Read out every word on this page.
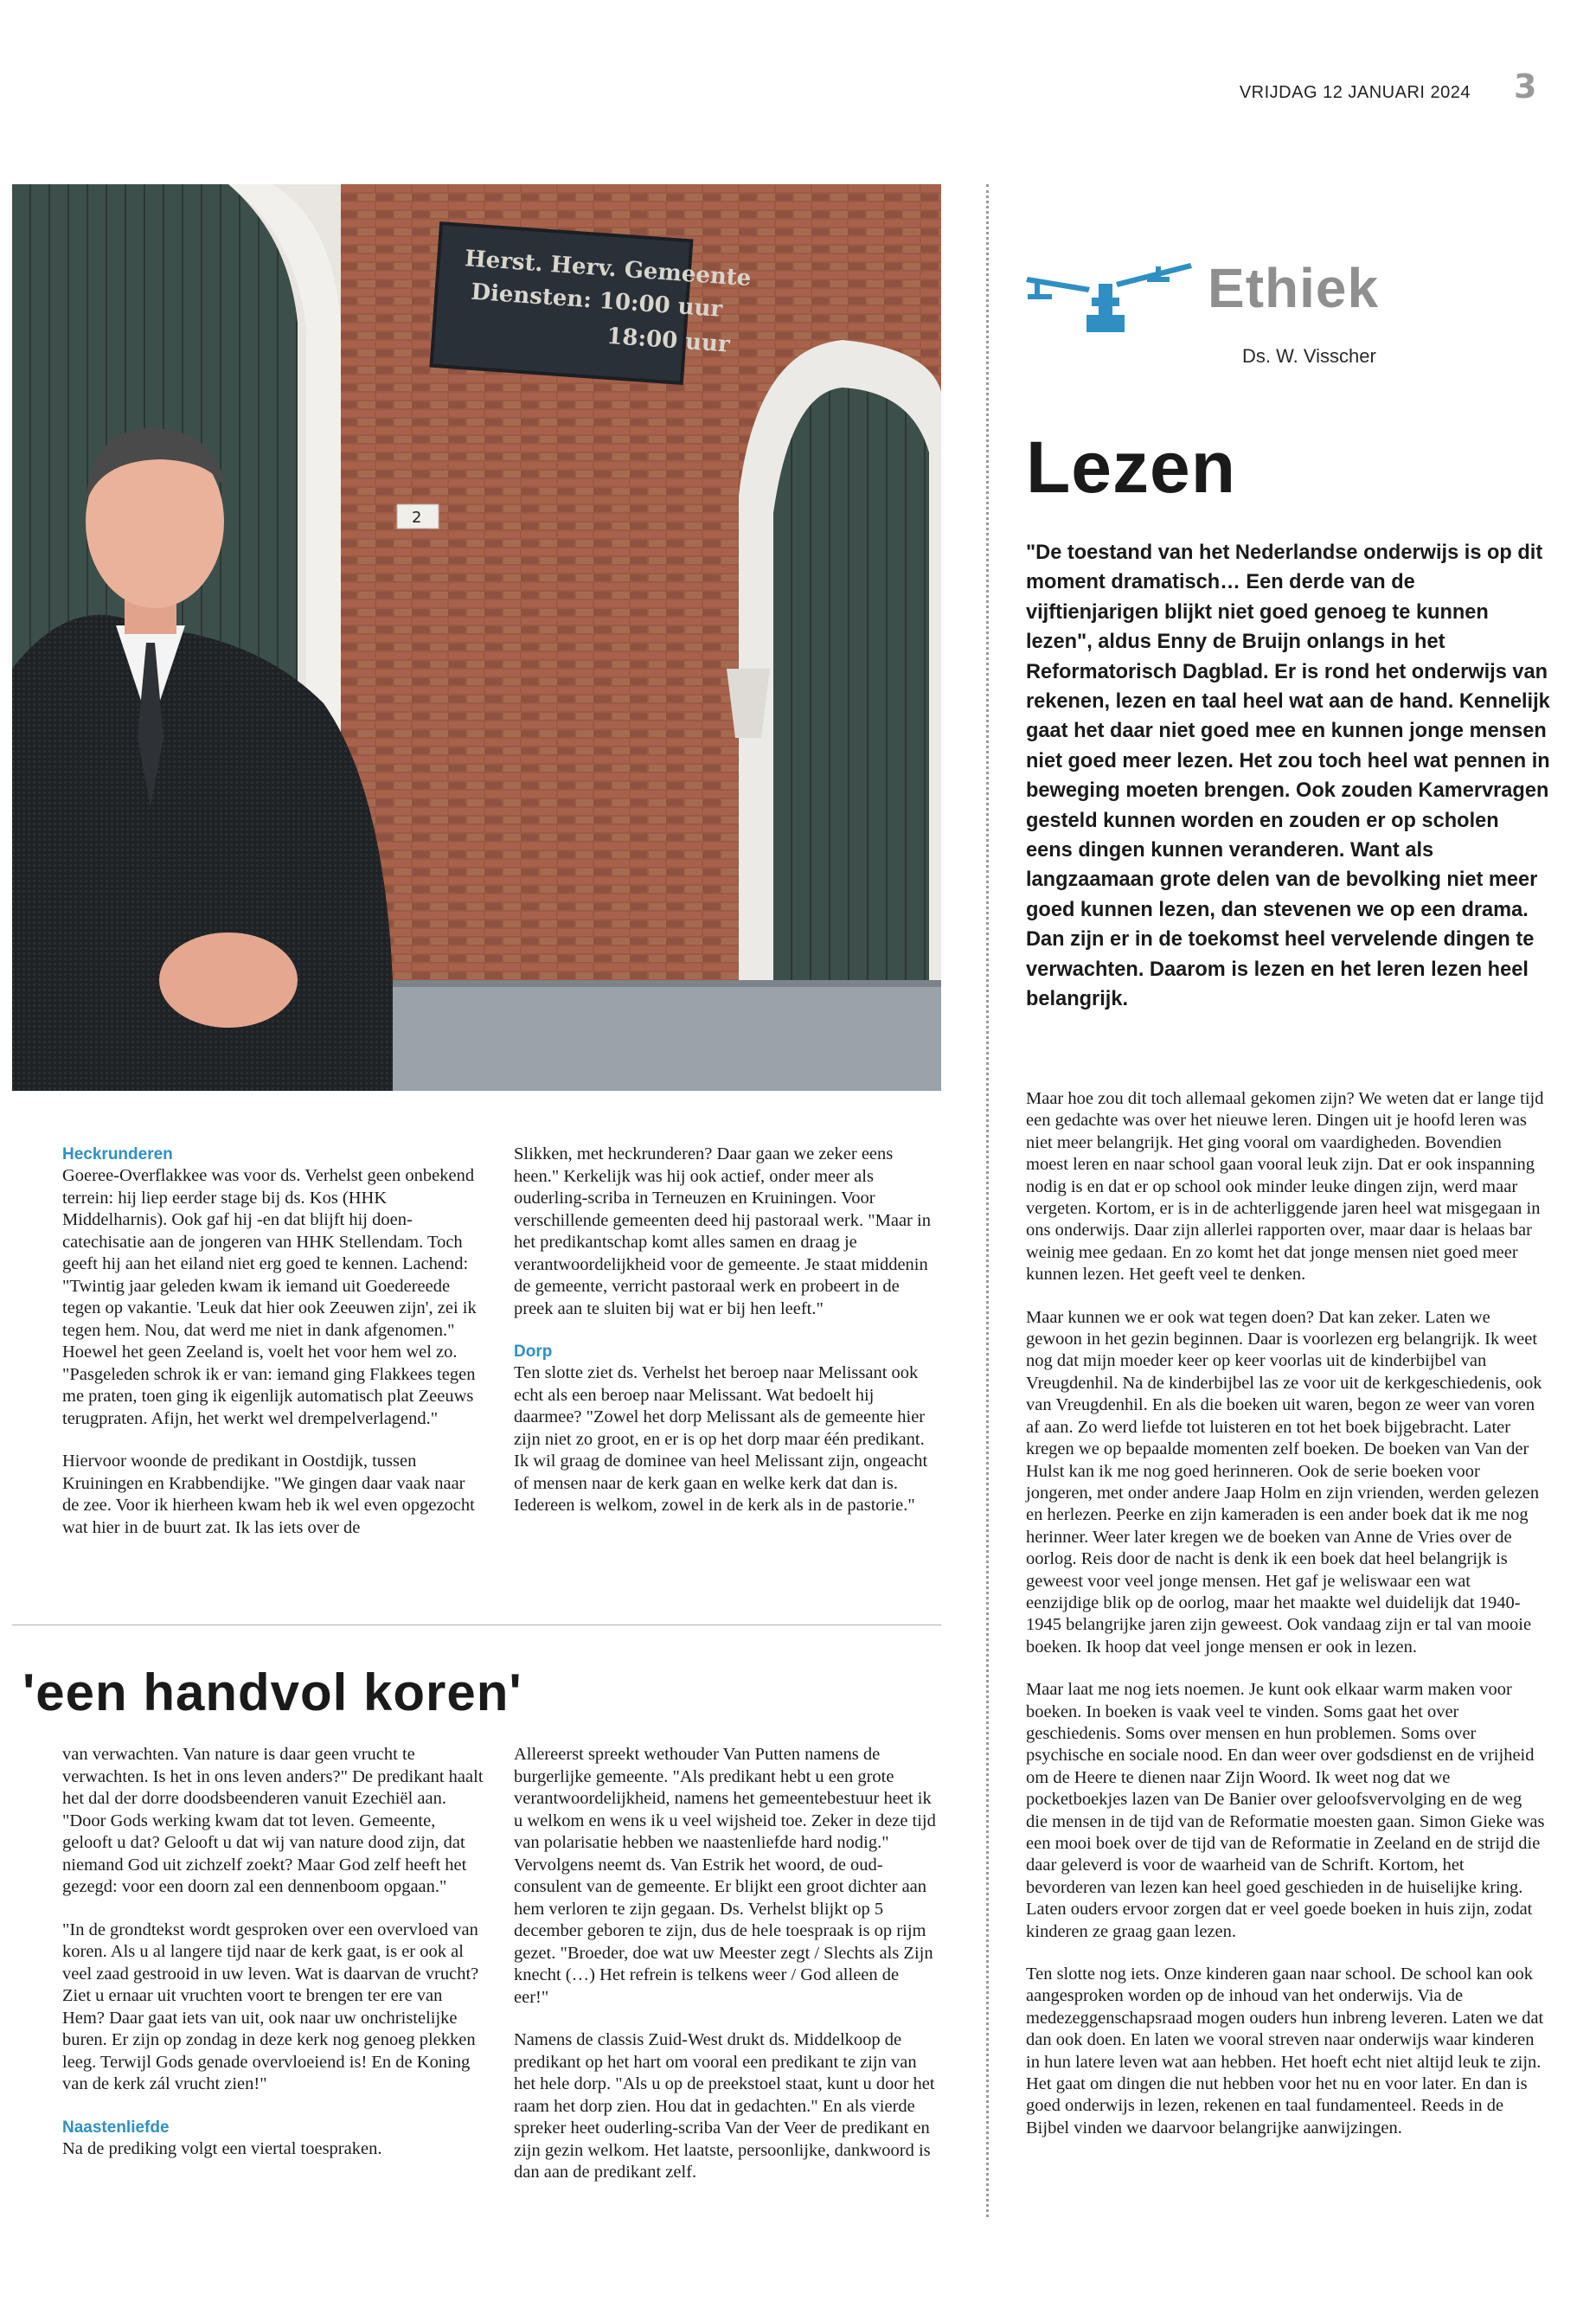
VRIJDAG 12 JANUARI 2024 3
Herst. Herv. Gemeente
Diensten: 10:00 uur
18:00 uur
2
Heckrunderen

Goeree-Overflakkee was voor ds. Verhelst geen onbekend terrein: hij liep eerder stage bij ds. Kos (HHK Middelharnis). Ook gaf hij -en dat blijft hij doen- catechisatie aan de jongeren van HHK Stellendam. Toch geeft hij aan het eiland niet erg goed te kennen. Lachend: "Twintig jaar geleden kwam ik iemand uit Goedereede tegen op vakantie. 'Leuk dat hier ook Zeeuwen zijn', zei ik tegen hem. Nou, dat werd me niet in dank afgenomen." Hoewel het geen Zeeland is, voelt het voor hem wel zo. "Pasgeleden schrok ik er van: iemand ging Flakkees tegen me praten, toen ging ik eigenlijk automatisch plat Zeeuws terugpraten. Afijn, het werkt wel drempelverlagend."

Hiervoor woonde de predikant in Oostdijk, tussen Kruiningen en Krabbendijke. "We gingen daar vaak naar de zee. Voor ik hierheen kwam heb ik wel even opgezocht wat hier in de buurt zat. Ik las iets over de

Slikken, met heckrunderen? Daar gaan we zeker eens heen." Kerkelijk was hij ook actief, onder meer als ouderling-scriba in Terneuzen en Kruiningen. Voor verschillende gemeenten deed hij pastoraal werk. "Maar in het predikantschap komt alles samen en draag je verantwoordelijkheid voor de gemeente. Je staat middenin de gemeente, verricht pastoraal werk en probeert in de preek aan te sluiten bij wat er bij hen leeft."

Dorp

Ten slotte ziet ds. Verhelst het beroep naar Melissant ook echt als een beroep naar Melissant. Wat bedoelt hij daarmee? "Zowel het dorp Melissant als de gemeente hier zijn niet zo groot, en er is op het dorp maar één predikant. Ik wil graag de dominee van heel Melissant zijn, ongeacht of mensen naar de kerk gaan en welke kerk dat dan is. Iedereen is welkom, zowel in de kerk als in de pastorie."

'een handvol koren'

van verwachten. Van nature is daar geen vrucht te verwachten. Is het in ons leven anders?" De predikant haalt het dal der dorre doodsbeenderen vanuit Ezechiël aan. "Door Gods werking kwam dat tot leven. Gemeente, gelooft u dat? Gelooft u dat wij van nature dood zijn, dat niemand God uit zichzelf zoekt? Maar God zelf heeft het gezegd: voor een doorn zal een dennenboom opgaan."

"In de grondtekst wordt gesproken over een overvloed van koren. Als u al langere tijd naar de kerk gaat, is er ook al veel zaad gestrooid in uw leven. Wat is daarvan de vrucht? Ziet u ernaar uit vruchten voort te brengen ter ere van Hem? Daar gaat iets van uit, ook naar uw onchristelijke buren. Er zijn op zondag in deze kerk nog genoeg plekken leeg. Terwijl Gods genade overvloeiend is! En de Koning van de kerk zál vrucht zien!"

Naastenliefde

Na de prediking volgt een viertal toespraken.

Allereerst spreekt wethouder Van Putten namens de burgerlijke gemeente. "Als predikant hebt u een grote verantwoordelijkheid, namens het gemeentebestuur heet ik u welkom en wens ik u veel wijsheid toe. Zeker in deze tijd van polarisatie hebben we naastenliefde hard nodig." Vervolgens neemt ds. Van Estrik het woord, de oud-consulent van de gemeente. Er blijkt een groot dichter aan hem verloren te zijn gegaan. Ds. Verhelst blijkt op 5 december geboren te zijn, dus de hele toespraak is op rijm gezet. "Broeder, doe wat uw Meester zegt / Slechts als Zijn knecht (…) Het refrein is telkens weer / God alleen de eer!"

Namens de classis Zuid-West drukt ds. Middelkoop de predikant op het hart om vooral een predikant te zijn van het hele dorp. "Als u op de preekstoel staat, kunt u door het raam het dorp zien. Hou dat in gedachten." En als vierde spreker heet ouderling-scriba Van der Veer de predikant en zijn gezin welkom. Het laatste, persoonlijke, dankwoord is dan aan de predikant zelf.

Ethiek
Ds. W. Visscher
Lezen
"De toestand van het Nederlandse onderwijs is op dit moment dramatisch… Een derde van de vijftienjarigen blijkt niet goed genoeg te kunnen lezen", aldus Enny de Bruijn onlangs in het Reformatorisch Dagblad. Er is rond het onderwijs van rekenen, lezen en taal heel wat aan de hand. Kennelijk gaat het daar niet goed mee en kunnen jonge mensen niet goed meer lezen. Het zou toch heel wat pennen in beweging moeten brengen. Ook zouden Kamervragen gesteld kunnen worden en zouden er op scholen eens dingen kunnen veranderen. Want als langzaamaan grote delen van de bevolking niet meer goed kunnen lezen, dan stevenen we op een drama. Dan zijn er in de toekomst heel vervelende dingen te verwachten. Daarom is lezen en het leren lezen heel belangrijk.

Maar hoe zou dit toch allemaal gekomen zijn? We weten dat er lange tijd een gedachte was over het nieuwe leren. Dingen uit je hoofd leren was niet meer belangrijk. Het ging vooral om vaardigheden. Bovendien moest leren en naar school gaan vooral leuk zijn. Dat er ook inspanning nodig is en dat er op school ook minder leuke dingen zijn, werd maar vergeten. Kortom, er is in de achterliggende jaren heel wat misgegaan in ons onderwijs. Daar zijn allerlei rapporten over, maar daar is helaas bar weinig mee gedaan. En zo komt het dat jonge mensen niet goed meer kunnen lezen. Het geeft veel te denken.

Maar kunnen we er ook wat tegen doen? Dat kan zeker. Laten we gewoon in het gezin beginnen. Daar is voorlezen erg belangrijk. Ik weet nog dat mijn moeder keer op keer voorlas uit de kinderbijbel van Vreugdenhil. Na de kinderbijbel las ze voor uit de kerkgeschiedenis, ook van Vreugdenhil. En als die boeken uit waren, begon ze weer van voren af aan. Zo werd liefde tot luisteren en tot het boek bijgebracht. Later kregen we op bepaalde momenten zelf boeken. De boeken van Van der Hulst kan ik me nog goed herinneren. Ook de serie boeken voor jongeren, met onder andere Jaap Holm en zijn vrienden, werden gelezen en herlezen. Peerke en zijn kameraden is een ander boek dat ik me nog herinner. Weer later kregen we de boeken van Anne de Vries over de oorlog. Reis door de nacht is denk ik een boek dat heel belangrijk is geweest voor veel jonge mensen. Het gaf je weliswaar een wat eenzijdige blik op de oorlog, maar het maakte wel duidelijk dat 1940-1945 belangrijke jaren zijn geweest. Ook vandaag zijn er tal van mooie boeken. Ik hoop dat veel jonge mensen er ook in lezen.

Maar laat me nog iets noemen. Je kunt ook elkaar warm maken voor boeken. In boeken is vaak veel te vinden. Soms gaat het over geschiedenis. Soms over mensen en hun problemen. Soms over psychische en sociale nood. En dan weer over godsdienst en de vrijheid om de Heere te dienen naar Zijn Woord. Ik weet nog dat we pocketboekjes lazen van De Banier over geloofsvervolging en de weg die mensen in de tijd van de Reformatie moesten gaan. Simon Gieke was een mooi boek over de tijd van de Reformatie in Zeeland en de strijd die daar geleverd is voor de waarheid van de Schrift. Kortom, het bevorderen van lezen kan heel goed geschieden in de huiselijke kring. Laten ouders ervoor zorgen dat er veel goede boeken in huis zijn, zodat kinderen ze graag gaan lezen.

Ten slotte nog iets. Onze kinderen gaan naar school. De school kan ook aangesproken worden op de inhoud van het onderwijs. Via de medezeggenschapsraad mogen ouders hun inbreng leveren. Laten we dat dan ook doen. En laten we vooral streven naar onderwijs waar kinderen in hun latere leven wat aan hebben. Het hoeft echt niet altijd leuk te zijn. Het gaat om dingen die nut hebben voor het nu en voor later. En dan is goed onderwijs in lezen, rekenen en taal fundamenteel. Reeds in de Bijbel vinden we daarvoor belangrijke aanwijzingen.
